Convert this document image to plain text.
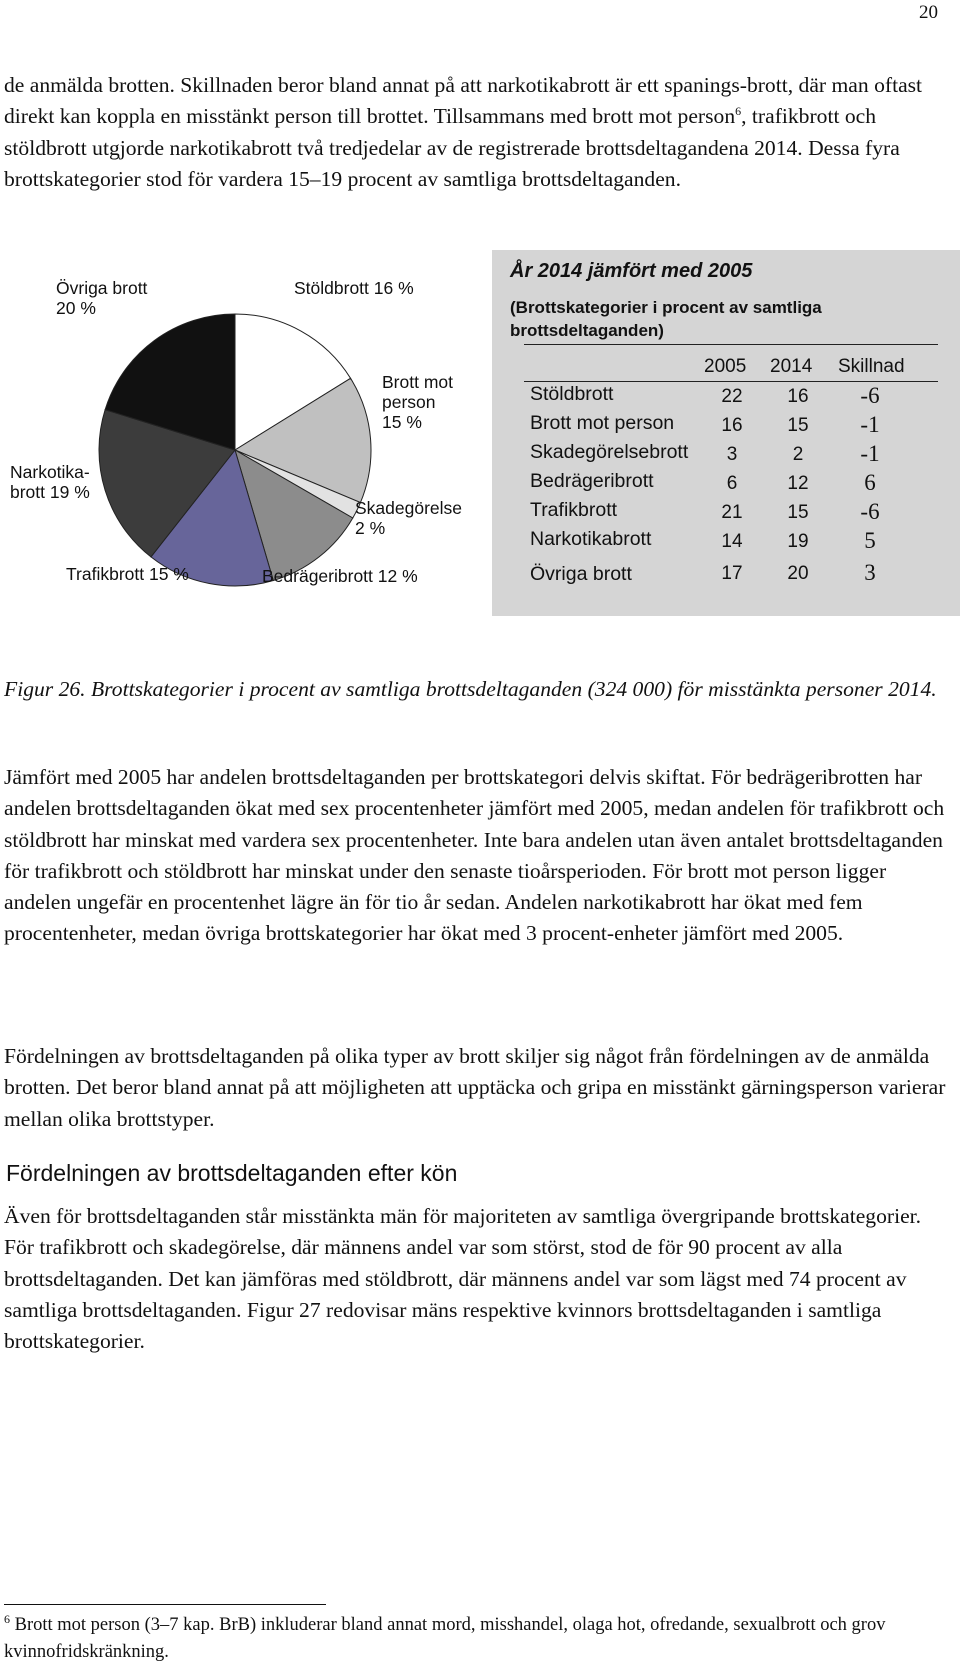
20

de anmälda brotten. Skillnaden beror bland annat på att narkotikabrott är ett spanings-brott, där man oftast direkt kan koppla en misstänkt person till brottet. Tillsammans med brott mot person$^6$, trafikbrott och stöldbrott utgjorde narkotikabrott två tredjedelar av de registrerade brottsdeltagandena 2014. Dessa fyra brottskategorier stod för vardera 15–19 procent av samtliga brottsdeltaganden.

Stöldbrott 16 %
Brott mot person 15 %
Skadegörelse 2 %
Bedrägeribrott 12 %
Trafikbrott 15 %
Narkotika-brott 19 %
Övriga brott 20 %
År 2014 jämfört med 2005

(Brottskategorier i procent av samtliga brottsdeltaganden)

2005 2014 Skillnad
Stöldbrott	22	16	-6
Brott mot person	16	15	-1
Skadegörelsebrott	3	2	-1
Bedrägeribrott	6	12	6
Trafikbrott	21	15	-6
Narkotikabrott	14	19	5
Övriga brott	17	20	3

Figur 26. Brottskategorier i procent av samtliga brottsdeltaganden (324 000) för misstänkta personer 2014.

Jämfört med 2005 har andelen brottsdeltaganden per brottskategori delvis skiftat. För bedrägeribrotten har andelen brottsdeltaganden ökat med sex procentenheter jämfört med 2005, medan andelen för trafikbrott och stöldbrott har minskat med vardera sex procentenheter. Inte bara andelen utan även antalet brottsdeltaganden för trafikbrott och stöldbrott har minskat under den senaste tioårsperioden. För brott mot person ligger andelen ungefär en procentenhet lägre än för tio år sedan. Andelen narkotikabrott har ökat med fem procentenheter, medan övriga brottskategorier har ökat med 3 procent-enheter jämfört med 2005.

Fördelningen av brottsdeltaganden på olika typer av brott skiljer sig något från fördelningen av de anmälda brotten. Det beror bland annat på att möjligheten att upptäcka och gripa en misstänkt gärningsperson varierar mellan olika brottstyper.

Fördelningen av brottsdeltaganden efter kön

Även för brottsdeltaganden står misstänkta män för majoriteten av samtliga övergripande brottskategorier. För trafikbrott och skadegörelse, där männens andel var som störst, stod de för 90 procent av alla brottsdeltaganden. Det kan jämföras med stöldbrott, där männens andel var som lägst med 74 procent av samtliga brottsdeltaganden. Figur 27 redovisar mäns respektive kvinnors brottsdeltaganden i samtliga brottskategorier.

$^6$ Brott mot person (3–7 kap. BrB) inkluderar bland annat mord, misshandel, olaga hot, ofredande, sexualbrott och grov kvinnofridskränkning.
